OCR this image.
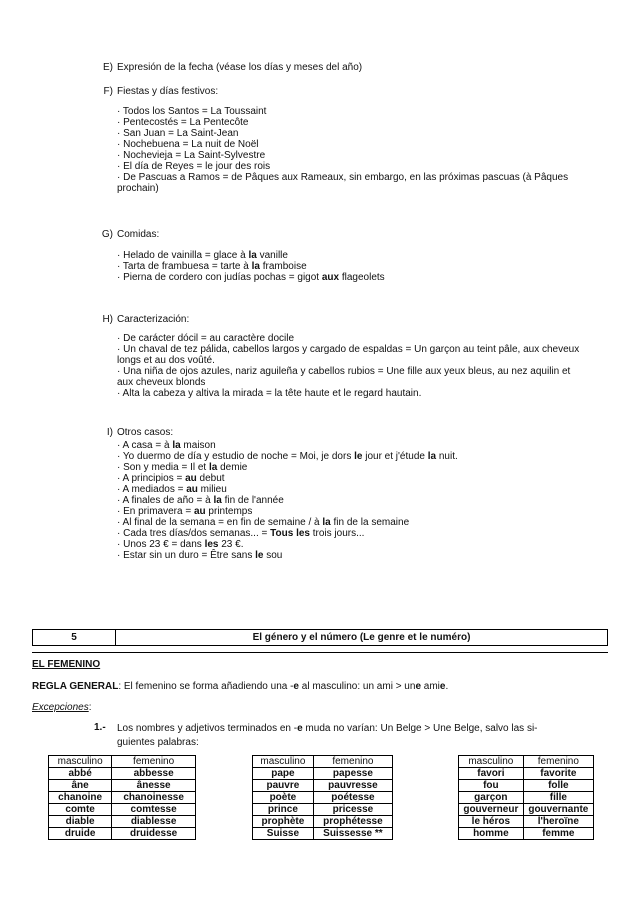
E) Expresión de la fecha (véase los días y meses del año)
F) Fiestas y días festivos:
· Todos los Santos = La Toussaint
· Pentecostés = La Pentecôte
· San Juan = La Saint-Jean
· Nochebuena = La nuit de Noël
· Nochevieja = La Saint-Sylvestre
· El día de Reyes = le jour des rois
· De Pascuas a Ramos = de Pâques aux Rameaux, sin embargo, en las próximas pascuas (à Pâques prochain)
G) Comidas:
· Helado de vainilla = glace à la vanille
· Tarta de frambuesa = tarte à la framboise
· Pierna de cordero con judías pochas = gigot aux flageolets
H) Caracterización:
· De carácter dócil = au caractère docile
· Un chaval de tez pálida, cabellos largos y cargado de espaldas = Un garçon au teint pâle, aux cheveux longs et au dos voûté.
· Una niña de ojos azules, nariz aguileña y cabellos rubios = Une fille aux yeux bleus, au nez aquilin et aux cheveux blonds
· Alta la cabeza y altiva la mirada = la tête haute et le regard hautain.
I) Otros casos:
· A casa = à la maison
· Yo duermo de día y estudio de noche = Moi, je dors le jour et j'étude la nuit.
· Son y media = Il et la demie
· A principios = au debut
· A mediados = au milieu
· A finales de año = à la fin de l'année
· En primavera = au printemps
· Al final de la semana = en fin de semaine / à la fin de la semaine
· Cada tres días/dos semanas... = Tous les trois jours...
· Unos 23 € = dans les 23 €.
· Estar sin un duro = Être sans le sou
5	El género y el número (Le genre et le numéro)
EL FEMENINO
REGLA GENERAL: El femenino se forma añadiendo una -e al masculino: un ami > une amie.
Excepciones:
1.- Los nombres y adjetivos terminados en -e muda no varían: Un Belge > Une Belge, salvo las si-
guientes palabras:
masculino	femenino
abbé	abbesse
âne	ânesse
chanoine	chanoinesse
comte	comtesse
diable	diablesse
druide	druidesse
masculino	femenino
pape	papesse
pauvre	pauvresse
poète	poétesse
prince	pricesse
prophète	prophétesse
Suisse	Suissesse **
masculino	femenino
favori	favorite
fou	folle
garçon	fille
gouverneur	gouvernante
le héros	l'heroïne
homme	femme
